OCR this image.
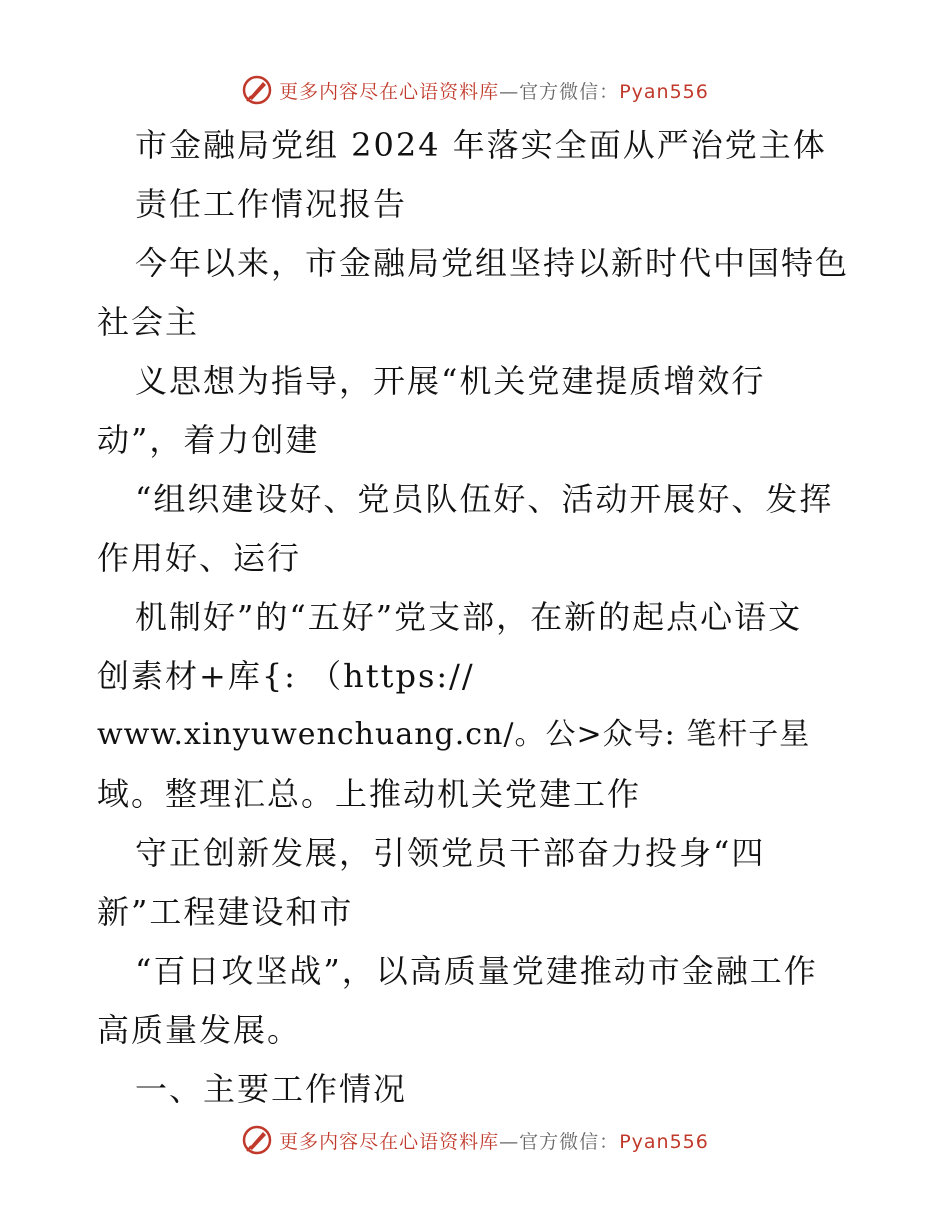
更多内容尽在心语资料库—官方微信：Pyan556
市金融局党组 2024 年落实全面从严治党主体
责任工作情况报告
今年以来，市金融局党组坚持以新时代中国特色
社会主
义思想为指导，开展“机关党建提质增效行
动”，着力创建
“组织建设好、党员队伍好、活动开展好、发挥
作用好、运行
机制好”的“五好”党支部，在新的起点心语文
创素材+库{: （https://
www.xinyuwenchuang.cn/。公>众号: 笔杆子星
域。整理汇总。上推动机关党建工作
守正创新发展，引领党员干部奋力投身“四
新”工程建设和市
“百日攻坚战”，以高质量党建推动市金融工作
高质量发展。
一、主要工作情况
更多内容尽在心语资料库—官方微信：Pyan556
